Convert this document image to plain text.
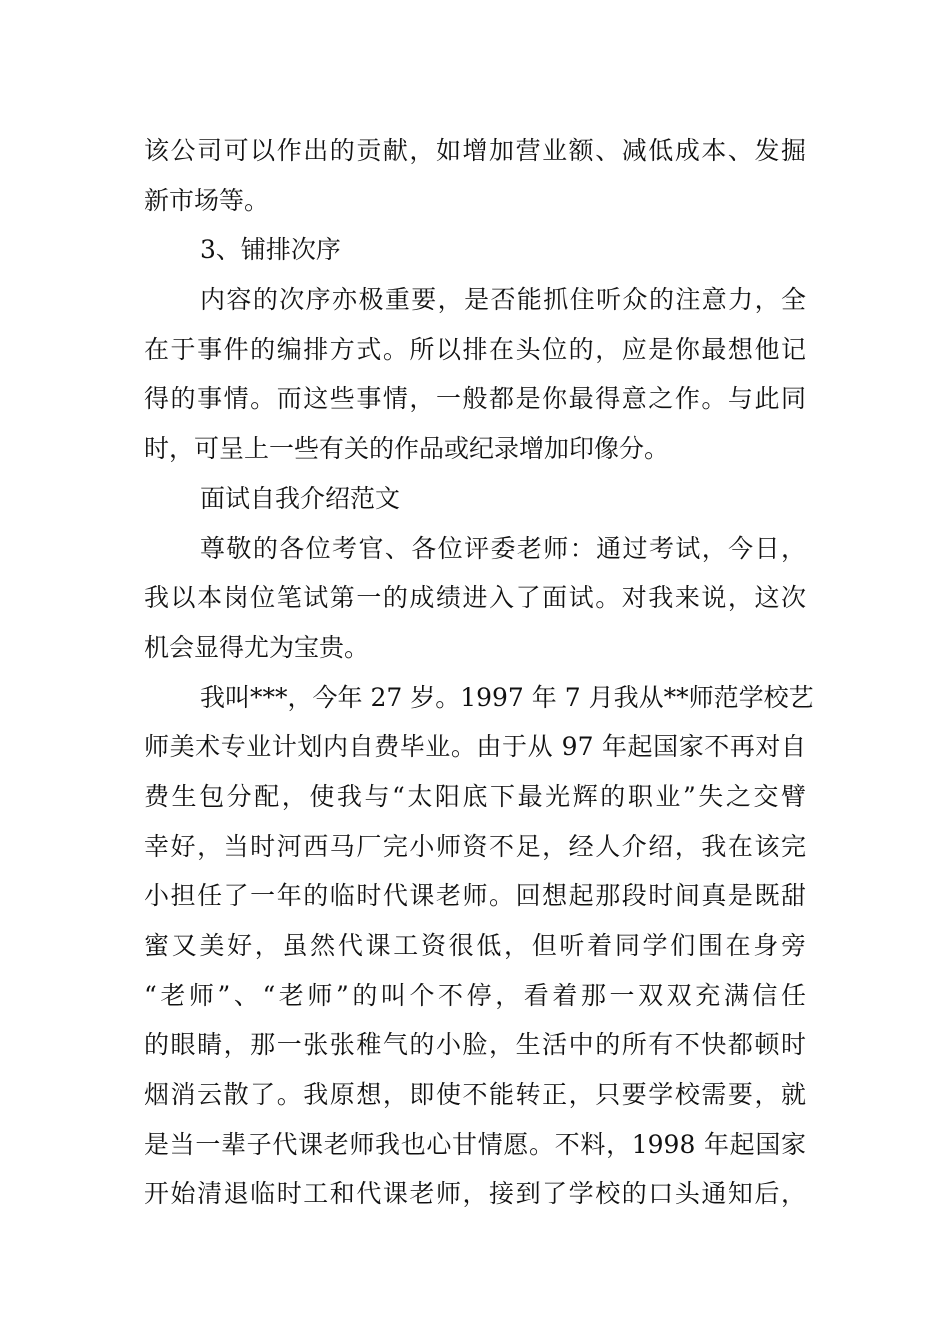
该公司可以作出的贡献，如增加营业额、减低成本、发掘
新市场等。
3、铺排次序
内容的次序亦极重要，是否能抓住听众的注意力，全
在于事件的编排方式。所以排在头位的，应是你最想他记
得的事情。而这些事情，一般都是你最得意之作。与此同
时，可呈上一些有关的作品或纪录增加印像分。
面试自我介绍范文
尊敬的各位考官、各位评委老师：通过考试，今日，
我以本岗位笔试第一的成绩进入了面试。对我来说，这次
机会显得尤为宝贵。
我叫***，今年 27 岁。1997 年 7 月我从**师范学校艺
师美术专业计划内自费毕业。由于从 97 年起国家不再对自
费生包分配，使我与“太阳底下最光辉的职业”失之交臂
幸好，当时河西马厂完小师资不足，经人介绍，我在该完
小担任了一年的临时代课老师。回想起那段时间真是既甜
蜜又美好，虽然代课工资很低，但听着同学们围在身旁
“老师”、“老师”的叫个不停，看着那一双双充满信任
的眼睛，那一张张稚气的小脸，生活中的所有不快都顿时
烟消云散了。我原想，即使不能转正，只要学校需要，就
是当一辈子代课老师我也心甘情愿。不料，1998 年起国家
开始清退临时工和代课老师，接到了学校的口头通知后，
